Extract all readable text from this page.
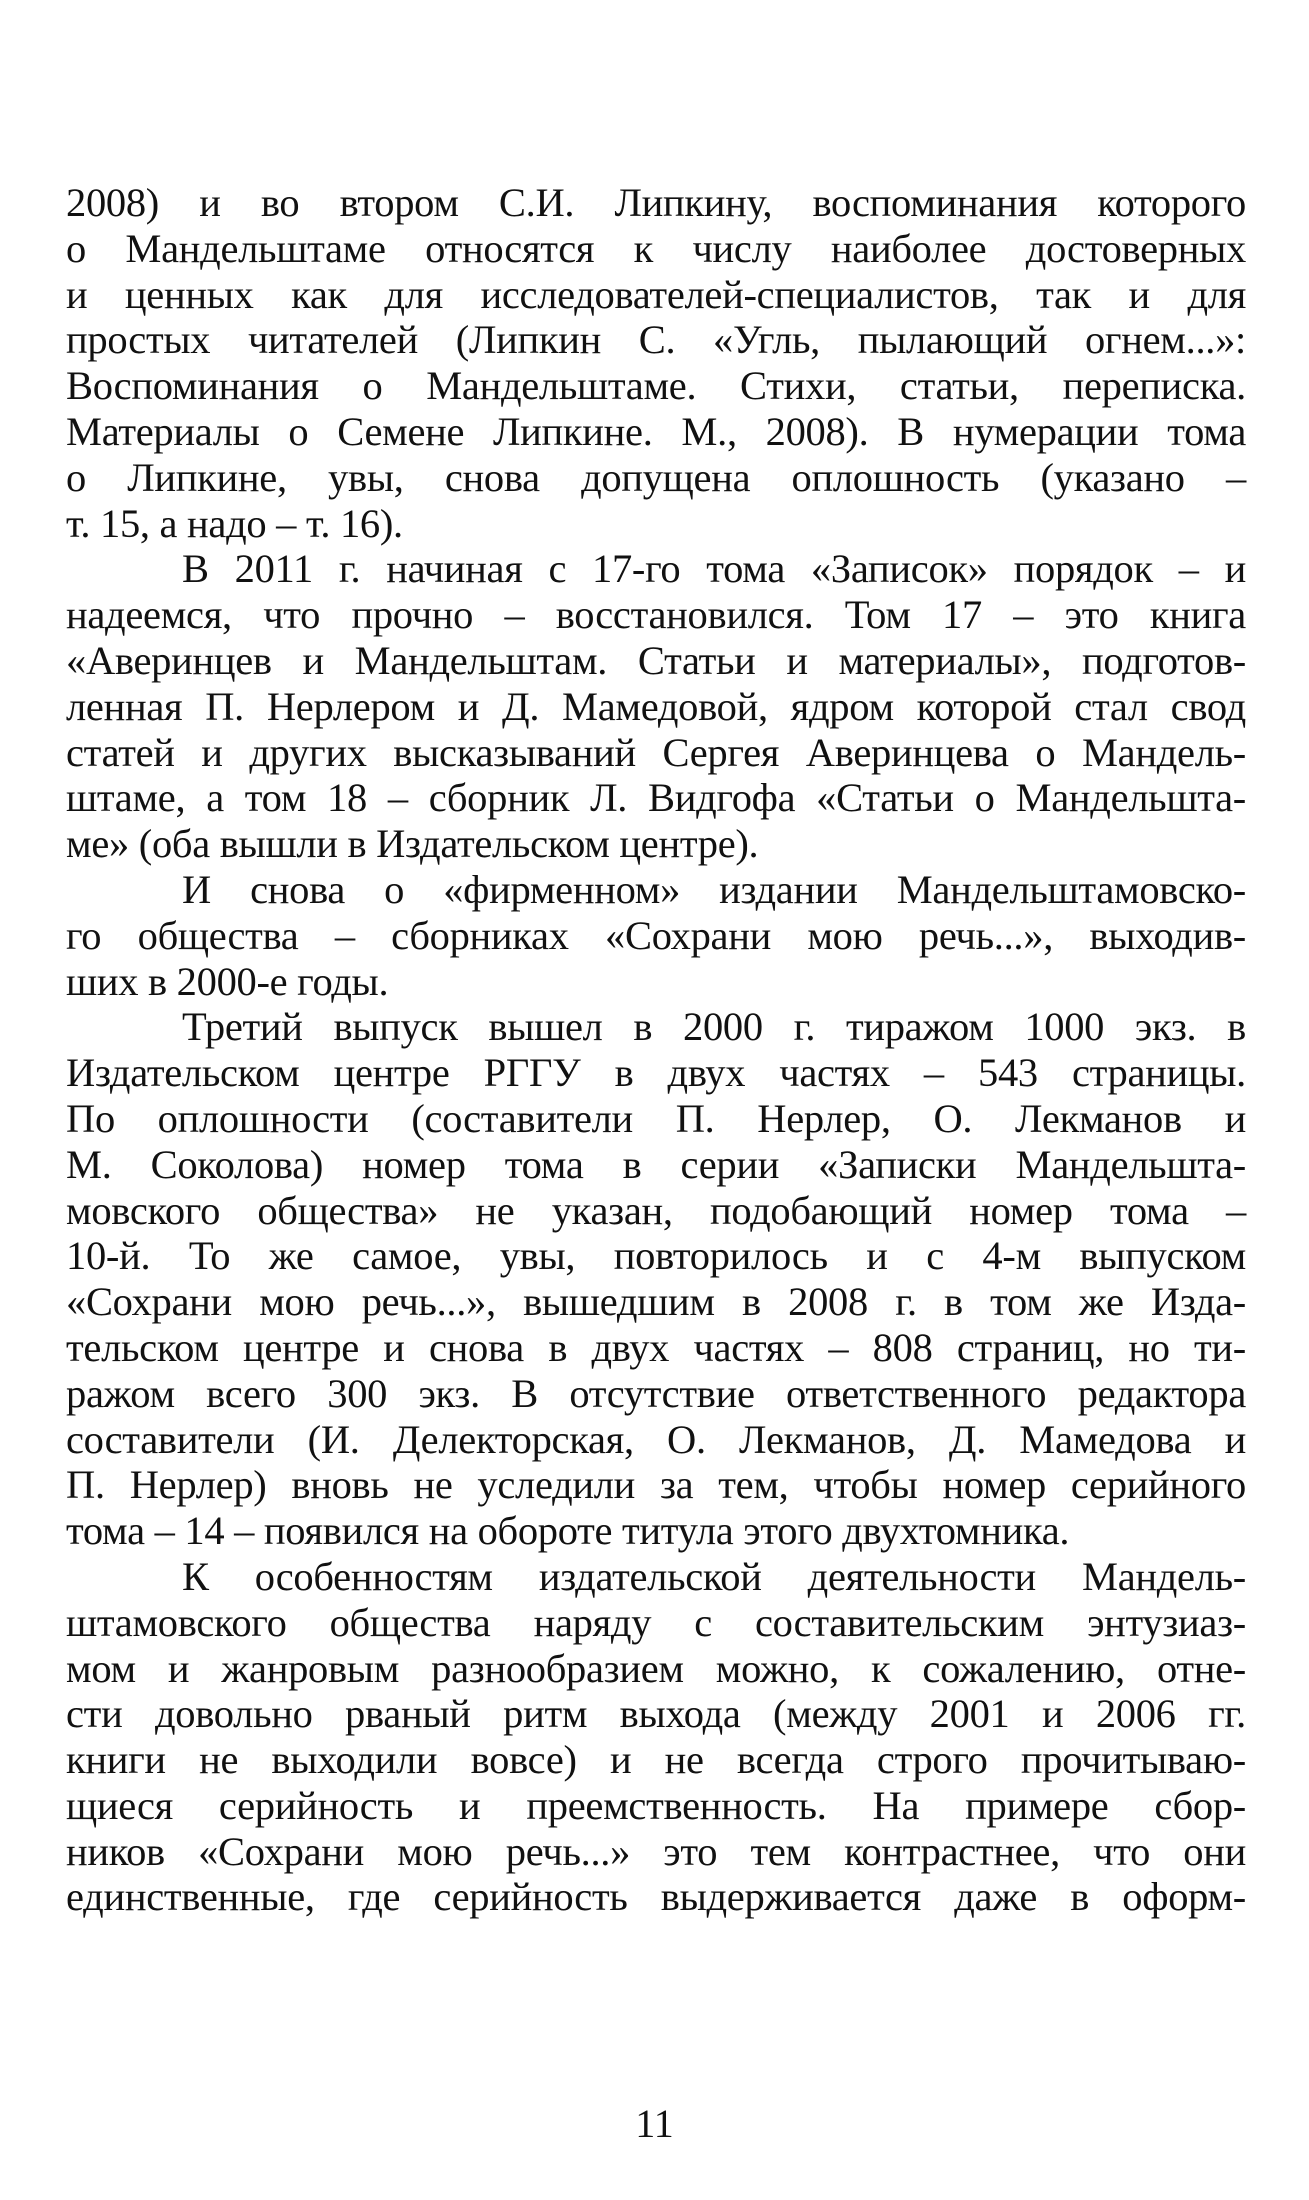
2008) и во втором С.И. Липкину, воспоминания которого
о Мандельштаме относятся к числу наиболее достоверных
и ценных как для исследователей-специалистов, так и для
простых читателей (Липкин С. «Угль, пылающий огнем...»:
Воспоминания о Мандельштаме. Стихи, статьи, переписка.
Материалы о Семене Липкине. М., 2008). В нумерации тома
о Липкине, увы, снова допущена оплошность (указано –
т. 15, а надо – т. 16).
В 2011 г. начиная с 17-го тома «Записок» порядок – и
надеемся, что прочно – восстановился. Том 17 – это книга
«Аверинцев и Мандельштам. Статьи и материалы», подготов-
ленная П. Нерлером и Д. Мамедовой, ядром которой стал свод
статей и других высказываний Сергея Аверинцева о Мандель-
штаме, а том 18 – сборник Л. Видгофа «Статьи о Мандельшта-
ме» (оба вышли в Издательском центре).
И снова о «фирменном» издании Мандельштамовско-
го общества – сборниках «Сохрани мою речь...», выходив-
ших в 2000-е годы.
Третий выпуск вышел в 2000 г. тиражом 1000 экз. в
Издательском центре РГГУ в двух частях – 543 страницы.
По оплошности (составители П. Нерлер, О. Лекманов и
М. Соколова) номер тома в серии «Записки Мандельшта-
мовского общества» не указан, подобающий номер тома –
10-й. То же самое, увы, повторилось и с 4-м выпуском
«Сохрани мою речь...», вышедшим в 2008 г. в том же Изда-
тельском центре и снова в двух частях – 808 страниц, но ти-
ражом всего 300 экз. В отсутствие ответственного редактора
составители (И. Делекторская, О. Лекманов, Д. Мамедова и
П. Нерлер) вновь не уследили за тем, чтобы номер серийного
тома – 14 – появился на обороте титула этого двухтомника.
К особенностям издательской деятельности Мандель-
штамовского общества наряду с составительским энтузиаз-
мом и жанровым разнообразием можно, к сожалению, отне-
сти довольно рваный ритм выхода (между 2001 и 2006 гг.
книги не выходили вовсе) и не всегда строго прочитываю-
щиеся серийность и преемственность. На примере сбор-
ников «Сохрани мою речь...» это тем контрастнее, что они
единственные, где серийность выдерживается даже в оформ-
11
